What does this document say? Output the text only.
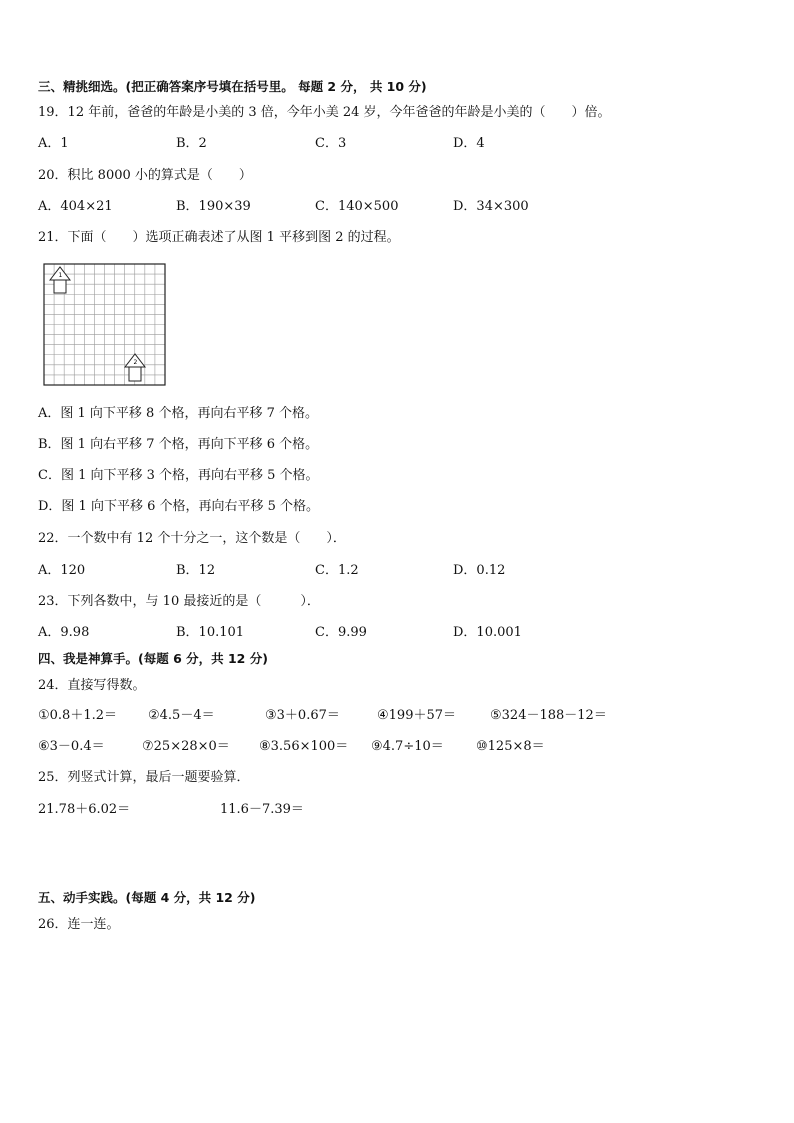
三、精挑细选。(把正确答案序号填在括号里。 每题 2 分， 共 10 分)
19．12 年前，爸爸的年龄是小美的 3 倍，今年小美 24 岁，今年爸爸的年龄是小美的（　　）倍。
A．1	B．2	C．3	D．4
20．积比 8000 小的算式是（　　）
A．404×21	B．190×39	C．140×500	D．34×300
21．下面（　　）选项正确表述了从图 1 平移到图 2 的过程。
1
2
A．图 1 向下平移 8 个格，再向右平移 7 个格。
B．图 1 向右平移 7 个格，再向下平移 6 个格。
C．图 1 向下平移 3 个格，再向右平移 5 个格。
D．图 1 向下平移 6 个格，再向右平移 5 个格。
22．一个数中有 12 个十分之一，这个数是（　　）．
A．120	B．12	C．1.2	D．0.12
23．下列各数中，与 10 最接近的是（　　　）．
A．9.98	B．10.101	C．9.99	D．10.001
四、我是神算手。(每题 6 分，共 12 分)
24．直接写得数。
①0.8＋1.2＝ ②4.5－4＝	③3＋0.67＝	④199＋57＝	⑤324－188－12＝
⑥3－0.4＝	⑦25×28×0＝ ⑧3.56×100＝ ⑨4.7÷10＝ ⑩125×8＝
25．列竖式计算，最后一题要验算．
21.78＋6.02＝	11.6－7.39＝
五、动手实践。(每题 4 分，共 12 分)
26．连一连。
